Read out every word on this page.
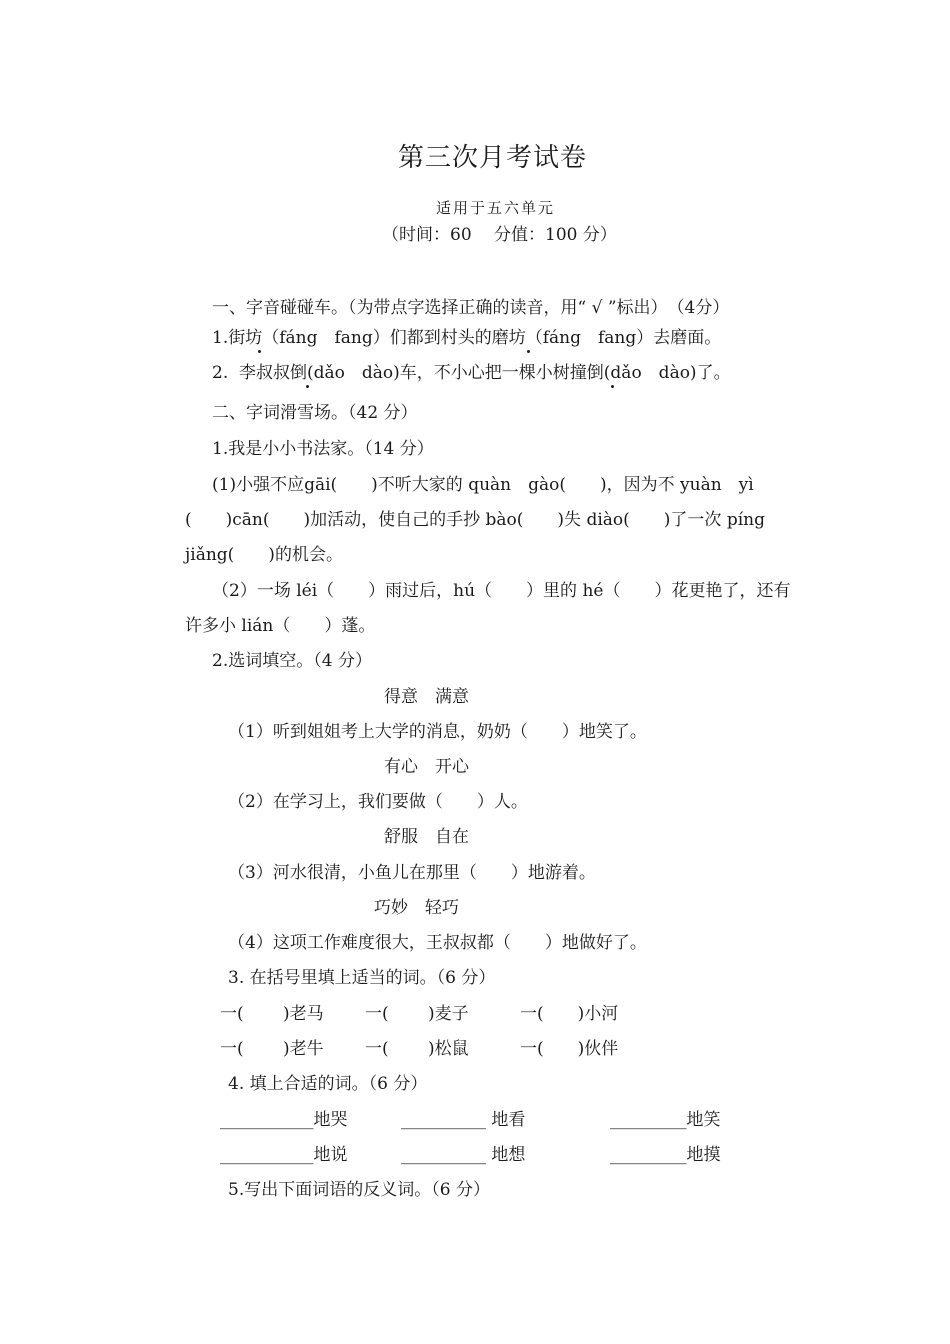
第三次月考试卷
适用于五六单元
（时间：60　 分值：100 分）
一、字音碰碰车。（为带点字选择正确的读音，用“ √ ”标出）　（4分）
1.街坊（fáng　fang）们都到村头的磨坊（fáng　fang）去磨面。
2.  李叔叔倒(dǎo　dào)车，不小心把一棵小树撞倒(dǎo　dào)了。
二、字词滑雪场。（42 分）
1.我是小小书法家。（14 分）
(1)小强不应gāi(　　)不听大家的 quàn　gào(　　)，因为不 yuàn　yì
(　　)cān(　　)加活动，使自己的手抄 bào(　　)失 diào(　　)了一次 píng
jiǎng(　　)的机会。
（2）一场 léi（　　）雨过后，hú（　　）里的 hé（　　）花更艳了，还有
许多小 lián（　　）蓬。
2.选词填空。（4 分）
得意　满意
（1）听到姐姐考上大学的消息，奶奶（　　）地笑了。
有心　开心
（2）在学习上，我们要做（　　）人。
舒服　自在
（3）河水很清，小鱼儿在那里（　　）地游着。
巧妙　轻巧
（4）这项工作难度很大，王叔叔都（　　）地做好了。
3. 在括号里填上适当的词。（6 分）
一(　　 )老马 一(　　 )麦子	一(　　)小河
一(　　 )老牛 一(　　 )松鼠	一(　　)伙伴
4. 填上合适的词。（6 分）
___________地哭	__________ 地看	_________地笑
___________地说	__________ 地想	_________地摸
5.写出下面词语的反义词。（6 分）
